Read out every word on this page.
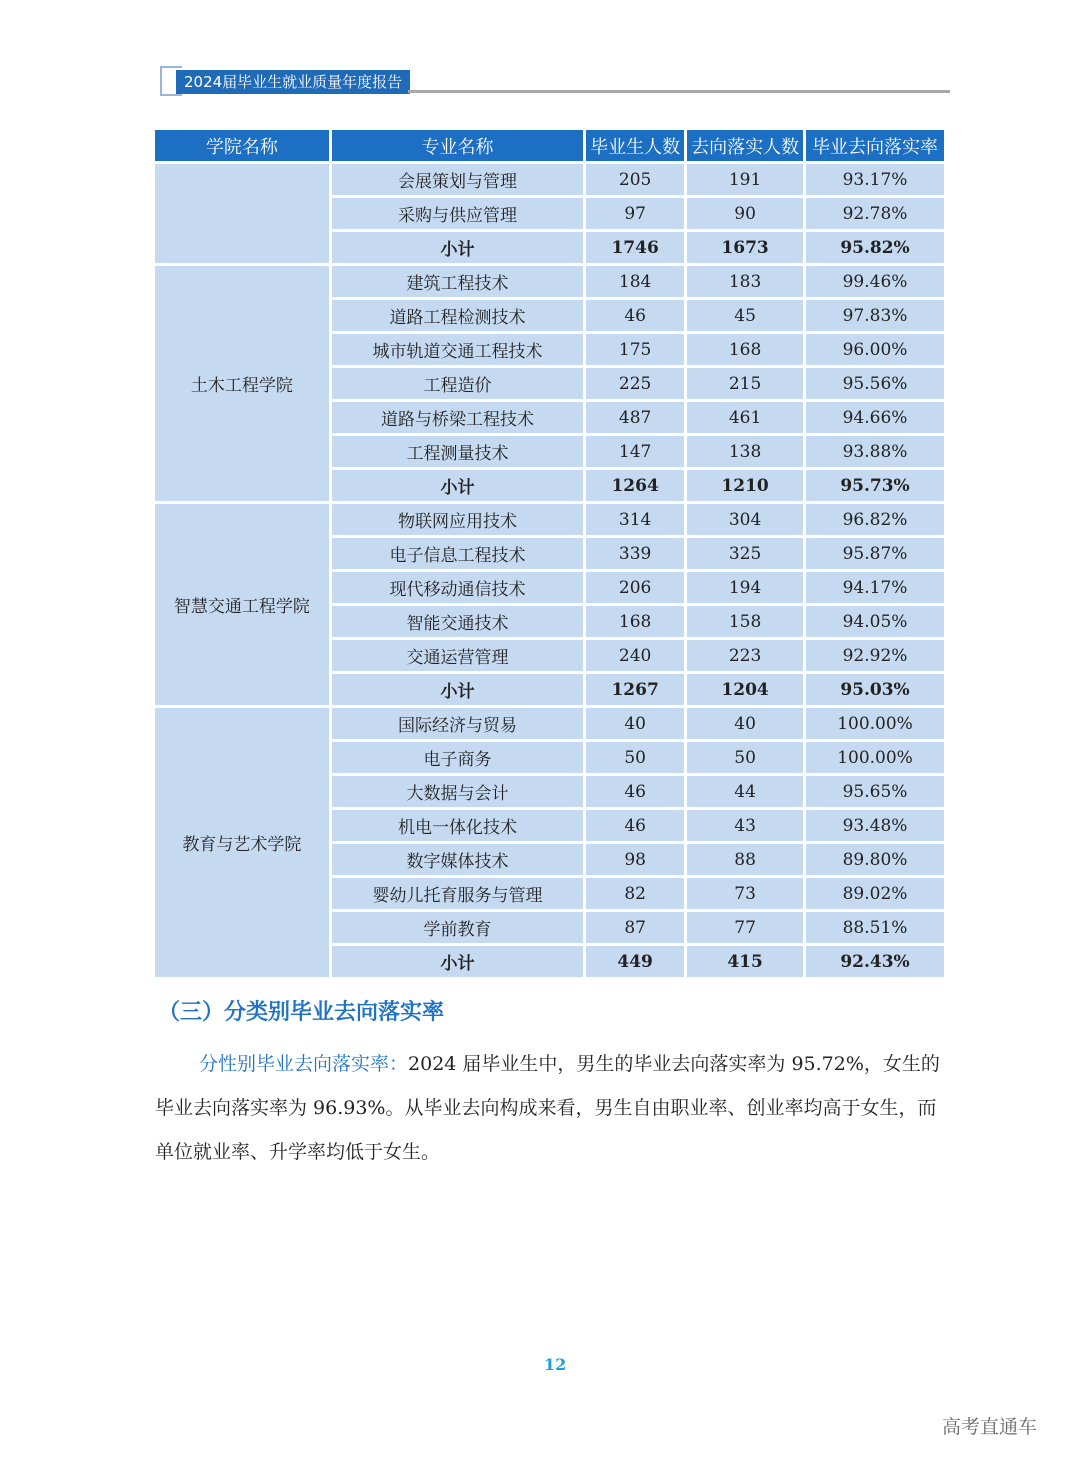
2024届毕业生就业质量年度报告
学院名称	专业名称	毕业生人数	去向落实人数	毕业去向落实率
	会展策划与管理	205	191	93.17%
	采购与供应管理	97	90	92.78%
	小计	1746	1673	95.82%
土木工程学院	建筑工程技术	184	183	99.46%
	道路工程检测技术	46	45	97.83%
	城市轨道交通工程技术	175	168	96.00%
	工程造价	225	215	95.56%
	道路与桥梁工程技术	487	461	94.66%
	工程测量技术	147	138	93.88%
	小计	1264	1210	95.73%
智慧交通工程学院	物联网应用技术	314	304	96.82%
	电子信息工程技术	339	325	95.87%
	现代移动通信技术	206	194	94.17%
	智能交通技术	168	158	94.05%
	交通运营管理	240	223	92.92%
	小计	1267	1204	95.03%
教育与艺术学院	国际经济与贸易	40	40	100.00%
	电子商务	50	50	100.00%
	大数据与会计	46	44	95.65%
	机电一体化技术	46	43	93.48%
	数字媒体技术	98	88	89.80%
	婴幼儿托育服务与管理	82	73	89.02%
	学前教育	87	77	88.51%
	小计	449	415	92.43%
（三）分类别毕业去向落实率
分性别毕业去向落实率：2024 届毕业生中，男生的毕业去向落实率为 95.72%，女生的毕业去向落实率为 96.93%。从毕业去向构成来看，男生自由职业率、创业率均高于女生，而单位就业率、升学率均低于女生。
12
高考直通车
